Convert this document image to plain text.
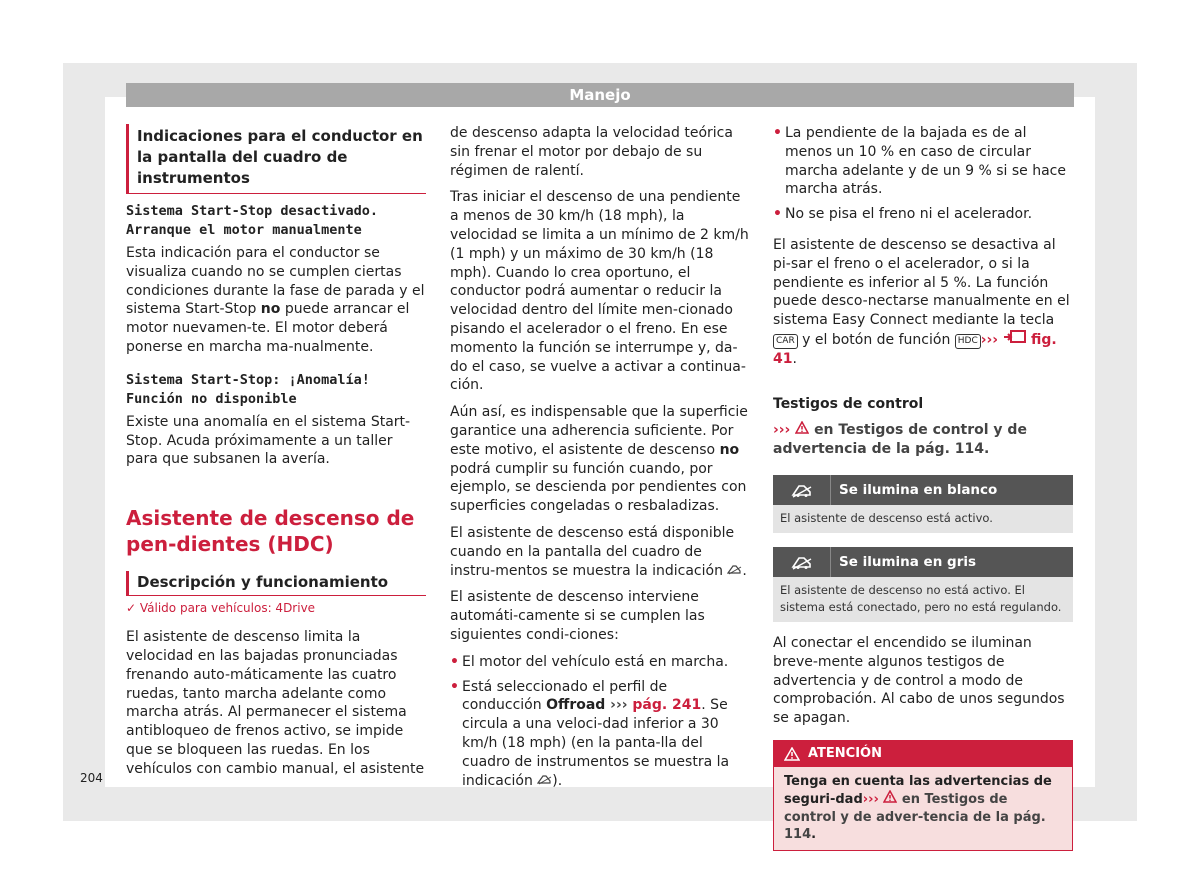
Manejo
Indicaciones para el conductor en la pantalla del cuadro de instrumentos
Sistema Start-Stop desactivado. Arranque el motor manualmente

Esta indicación para el conductor se visualiza cuando no se cumplen ciertas condiciones durante la fase de parada y el sistema Start-Stop no puede arrancar el motor nuevamen-te. El motor deberá ponerse en marcha ma-nualmente.

Sistema Start-Stop: ¡Anomalía! Función no disponible

Existe una anomalía en el sistema Start-Stop. Acuda próximamente a un taller para que subsanen la avería.

Asistente de descenso de pen-dientes (HDC)
Descripción y funcionamiento
✓ Válido para vehículos: 4Drive

El asistente de descenso limita la velocidad en las bajadas pronunciadas frenando auto-máticamente las cuatro ruedas, tanto marcha adelante como marcha atrás. Al permanecer el sistema antibloqueo de frenos activo, se impide que se bloqueen las ruedas. En los vehículos con cambio manual, el asistente

de descenso adapta la velocidad teórica sin frenar el motor por debajo de su régimen de ralentí.

Tras iniciar el descenso de una pendiente a menos de 30 km/h (18 mph), la velocidad se limita a un mínimo de 2 km/h (1 mph) y un máximo de 30 km/h (18 mph). Cuando lo crea oportuno, el conductor podrá aumentar o reducir la velocidad dentro del límite men-cionado pisando el acelerador o el freno. En ese momento la función se interrumpe y, da-do el caso, se vuelve a activar a continua-ción.

Aún así, es indispensable que la superficie garantice una adherencia suficiente. Por este motivo, el asistente de descenso no podrá cumplir su función cuando, por ejemplo, se descienda por pendientes con superficies congeladas o resbaladizas.

El asistente de descenso está disponible cuando en la pantalla del cuadro de instru-mentos se muestra la indicación .

El asistente de descenso interviene automáti-camente si se cumplen las siguientes condi-ciones:

• El motor del vehículo está en marcha.
• Está seleccionado el perfil de conducción Offroad ››› pág. 241. Se circula a una veloci-dad inferior a 30 km/h (18 mph) (en la panta-lla del cuadro de instrumentos se muestra la indicación ).
• La pendiente de la bajada es de al menos un 10 % en caso de circular marcha adelante y de un 9 % si se hace marcha atrás.
• No se pisa el freno ni el acelerador.

El asistente de descenso se desactiva al pi-sar el freno o el acelerador, o si la pendiente es inferior al 5 %. La función puede desco-nectarse manualmente en el sistema Easy Connect mediante la tecla CAR y el botón de función HDC ››› fig. 41.

Testigos de control

››› en Testigos de control y de advertencia de la pág. 114.

Se ilumina en blanco
El asistente de descenso está activo.
Se ilumina en gris
El asistente de descenso no está activo. El sistema está conectado, pero no está regulando.

Al conectar el encendido se iluminan breve-mente algunos testigos de advertencia y de control a modo de comprobación. Al cabo de unos segundos se apagan.

ATENCIÓN
Tenga en cuenta las advertencias de seguri-dad››› en Testigos de control y de adver-tencia de la pág. 114.
204
